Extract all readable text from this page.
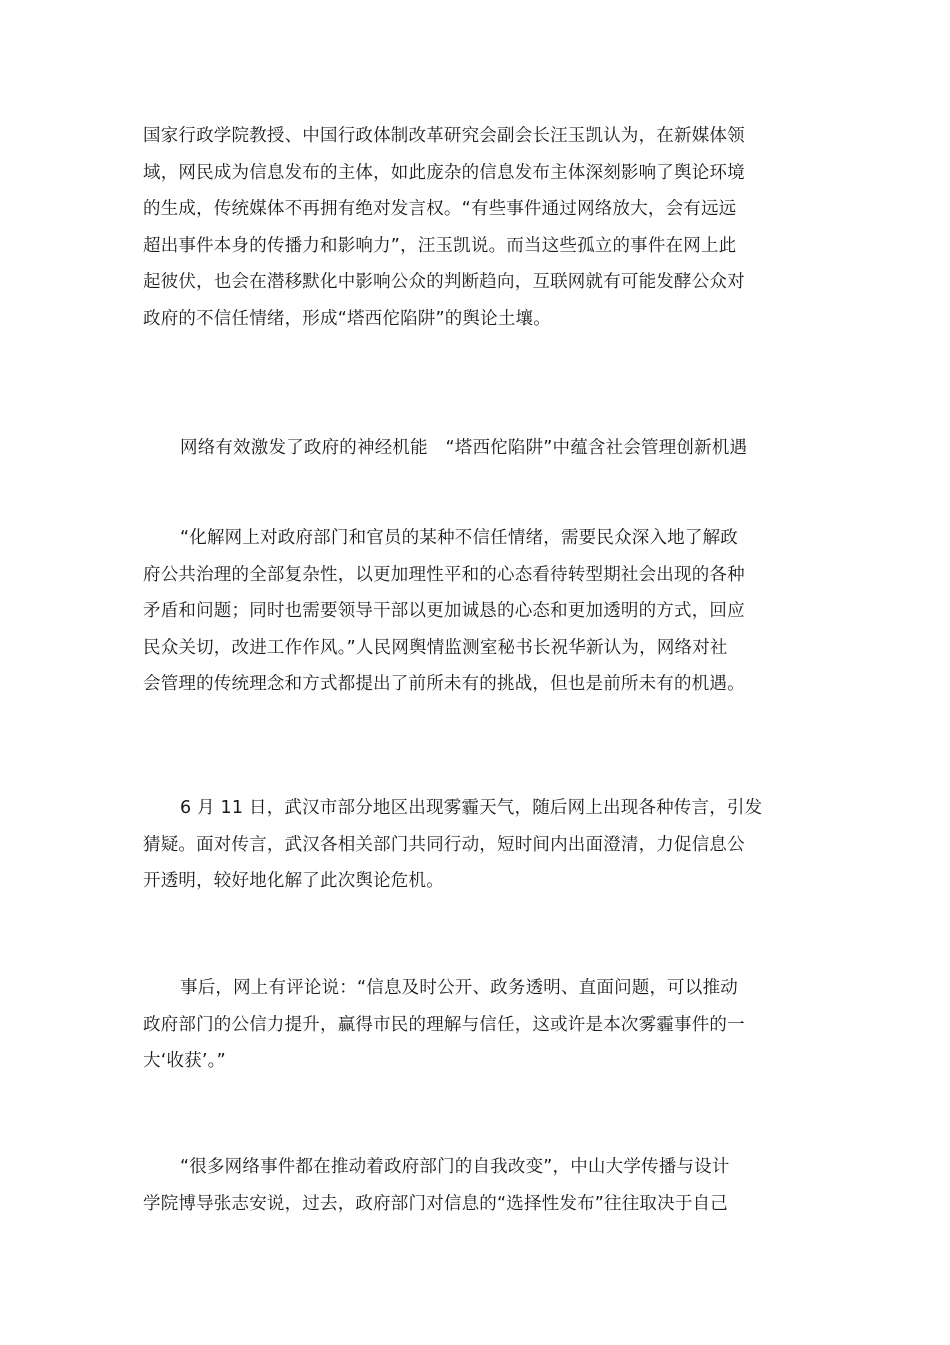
国家行政学院教授、中国行政体制改革研究会副会长汪玉凯认为，在新媒体领
域，网民成为信息发布的主体，如此庞杂的信息发布主体深刻影响了舆论环境
的生成，传统媒体不再拥有绝对发言权。“有些事件通过网络放大，会有远远
超出事件本身的传播力和影响力”，汪玉凯说。而当这些孤立的事件在网上此
起彼伏，也会在潜移默化中影响公众的判断趋向，互联网就有可能发酵公众对
政府的不信任情绪，形成“塔西佗陷阱”的舆论土壤。
网络有效激发了政府的神经机能　“塔西佗陷阱”中蕴含社会管理创新机遇
“化解网上对政府部门和官员的某种不信任情绪，需要民众深入地了解政
府公共治理的全部复杂性，以更加理性平和的心态看待转型期社会出现的各种
矛盾和问题；同时也需要领导干部以更加诚恳的心态和更加透明的方式，回应
民众关切，改进工作作风。”人民网舆情监测室秘书长祝华新认为，网络对社
会管理的传统理念和方式都提出了前所未有的挑战，但也是前所未有的机遇。
6 月 11 日，武汉市部分地区出现雾霾天气，随后网上出现各种传言，引发
猜疑。面对传言，武汉各相关部门共同行动，短时间内出面澄清，力促信息公
开透明，较好地化解了此次舆论危机。
事后，网上有评论说：“信息及时公开、政务透明、直面问题，可以推动
政府部门的公信力提升，赢得市民的理解与信任，这或许是本次雾霾事件的一
大‘收获’。”
“很多网络事件都在推动着政府部门的自我改变”，中山大学传播与设计
学院博导张志安说，过去，政府部门对信息的“选择性发布”往往取决于自己
